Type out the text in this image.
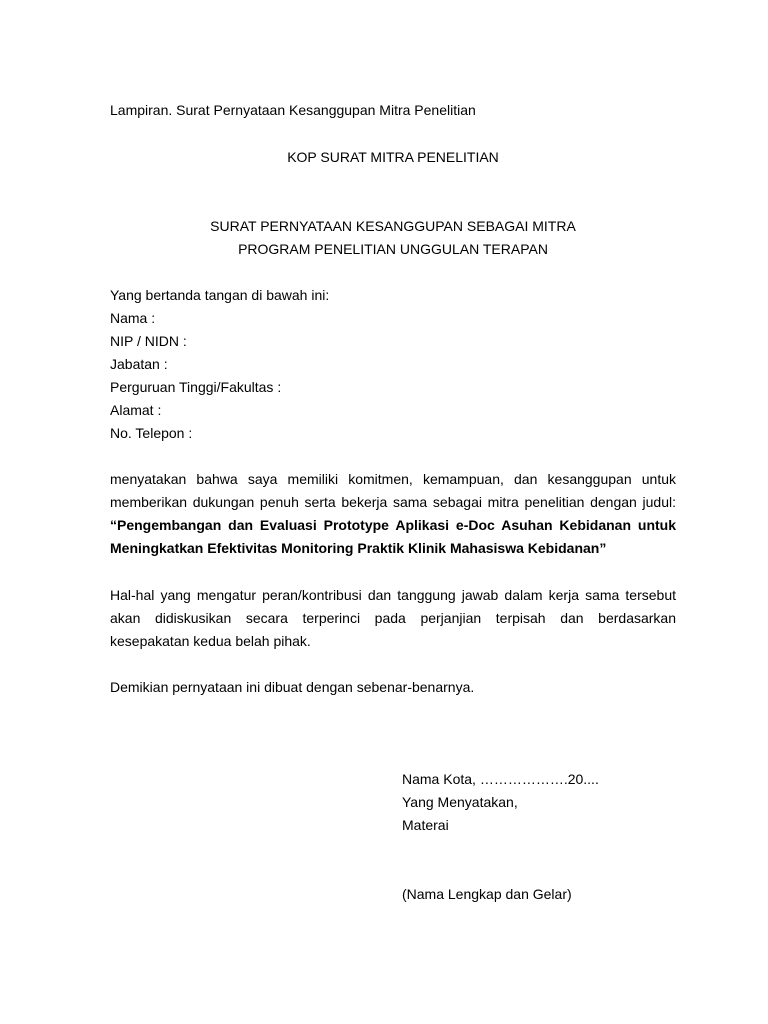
Lampiran. Surat Pernyataan Kesanggupan Mitra Penelitian
KOP SURAT MITRA PENELITIAN
SURAT PERNYATAAN KESANGGUPAN SEBAGAI MITRA
PROGRAM PENELITIAN UNGGULAN TERAPAN
Yang bertanda tangan di bawah ini:
Nama :
NIP / NIDN :
Jabatan :
Perguruan Tinggi/Fakultas :
Alamat :
No. Telepon :
menyatakan bahwa saya memiliki komitmen, kemampuan, dan kesanggupan untuk
memberikan dukungan penuh serta bekerja sama sebagai mitra penelitian dengan judul:
“Pengembangan dan Evaluasi Prototype Aplikasi e-Doc Asuhan Kebidanan untuk
Meningkatkan Efektivitas Monitoring Praktik Klinik Mahasiswa Kebidanan”
Hal-hal yang mengatur peran/kontribusi dan tanggung jawab dalam kerja sama tersebut
akan didiskusikan secara terperinci pada perjanjian terpisah dan berdasarkan
kesepakatan kedua belah pihak.
Demikian pernyataan ini dibuat dengan sebenar-benarnya.
Nama Kota, ……………….20....
Yang Menyatakan,
Materai
(Nama Lengkap dan Gelar)
